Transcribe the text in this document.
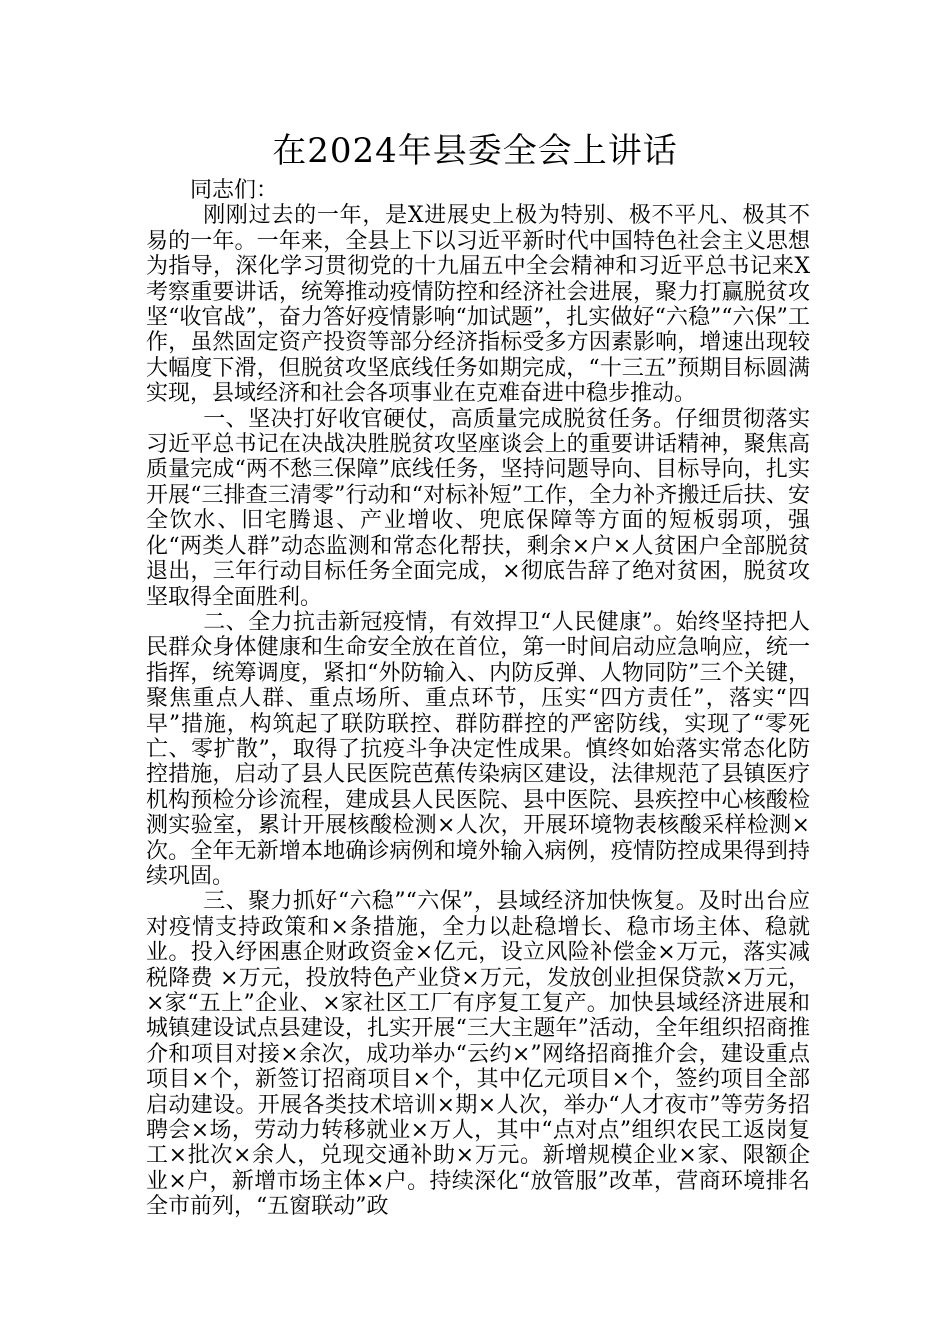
在2024年县委全会上讲话

同志们：

刚刚过去的一年，是X进展史上极为特别、极不平凡、极其不易的一年。一年来，全县上下以习近平新时代中国特色社会主义思想为指导，深化学习贯彻党的十九届五中全会精神和习近平总书记来X考察重要讲话，统筹推动疫情防控和经济社会进展，聚力打赢脱贫攻坚“收官战”，奋力答好疫情影响“加试题”，扎实做好“六稳”“六保”工作，虽然固定资产投资等部分经济指标受多方因素影响，增速出现较大幅度下滑，但脱贫攻坚底线任务如期完成，“十三五”预期目标圆满实现，县域经济和社会各项事业在克难奋进中稳步推动。

一、坚决打好收官硬仗，高质量完成脱贫任务。仔细贯彻落实习近平总书记在决战决胜脱贫攻坚座谈会上的重要讲话精神，聚焦高质量完成“两不愁三保障”底线任务，坚持问题导向、目标导向，扎实开展“三排查三清零”行动和“对标补短”工作，全力补齐搬迁后扶、安全饮水、旧宅腾退、产业增收、兜底保障等方面的短板弱项，强化“两类人群”动态监测和常态化帮扶，剩余×户×人贫困户全部脱贫退出，三年行动目标任务全面完成，×彻底告辞了绝对贫困，脱贫攻坚取得全面胜利。

二、全力抗击新冠疫情，有效捍卫“人民健康”。始终坚持把人民群众身体健康和生命安全放在首位，第一时间启动应急响应，统一指挥，统筹调度，紧扣“外防输入、内防反弹、人物同防”三个关键，聚焦重点人群、重点场所、重点环节，压实“四方责任”，落实“四早”措施，构筑起了联防联控、群防群控的严密防线，实现了“零死亡、零扩散”，取得了抗疫斗争决定性成果。慎终如始落实常态化防控措施，启动了县人民医院芭蕉传染病区建设，法律规范了县镇医疗机构预检分诊流程，建成县人民医院、县中医院、县疾控中心核酸检测实验室，累计开展核酸检测×人次，开展环境物表核酸采样检测×次。全年无新增本地确诊病例和境外输入病例，疫情防控成果得到持续巩固。

三、聚力抓好“六稳”“六保”，县域经济加快恢复。及时出台应对疫情支持政策和×条措施，全力以赴稳增长、稳市场主体、稳就业。投入纾困惠企财政资金×亿元，设立风险补偿金×万元，落实减税降费 ×万元，投放特色产业贷×万元，发放创业担保贷款×万元，×家“五上”企业、×家社区工厂有序复工复产。加快县域经济进展和城镇建设试点县建设，扎实开展“三大主题年”活动，全年组织招商推介和项目对接×余次，成功举办“云约×”网络招商推介会，建设重点项目×个，新签订招商项目×个，其中亿元项目×个，签约项目全部启动建设。开展各类技术培训×期×人次，举办“人才夜市”等劳务招聘会×场，劳动力转移就业×万人，其中“点对点”组织农民工返岗复工×批次×余人，兑现交通补助×万元。新增规模企业×家、限额企业×户，新增市场主体×户。持续深化“放管服”改革，营商环境排名全市前列，“五窗联动”政
